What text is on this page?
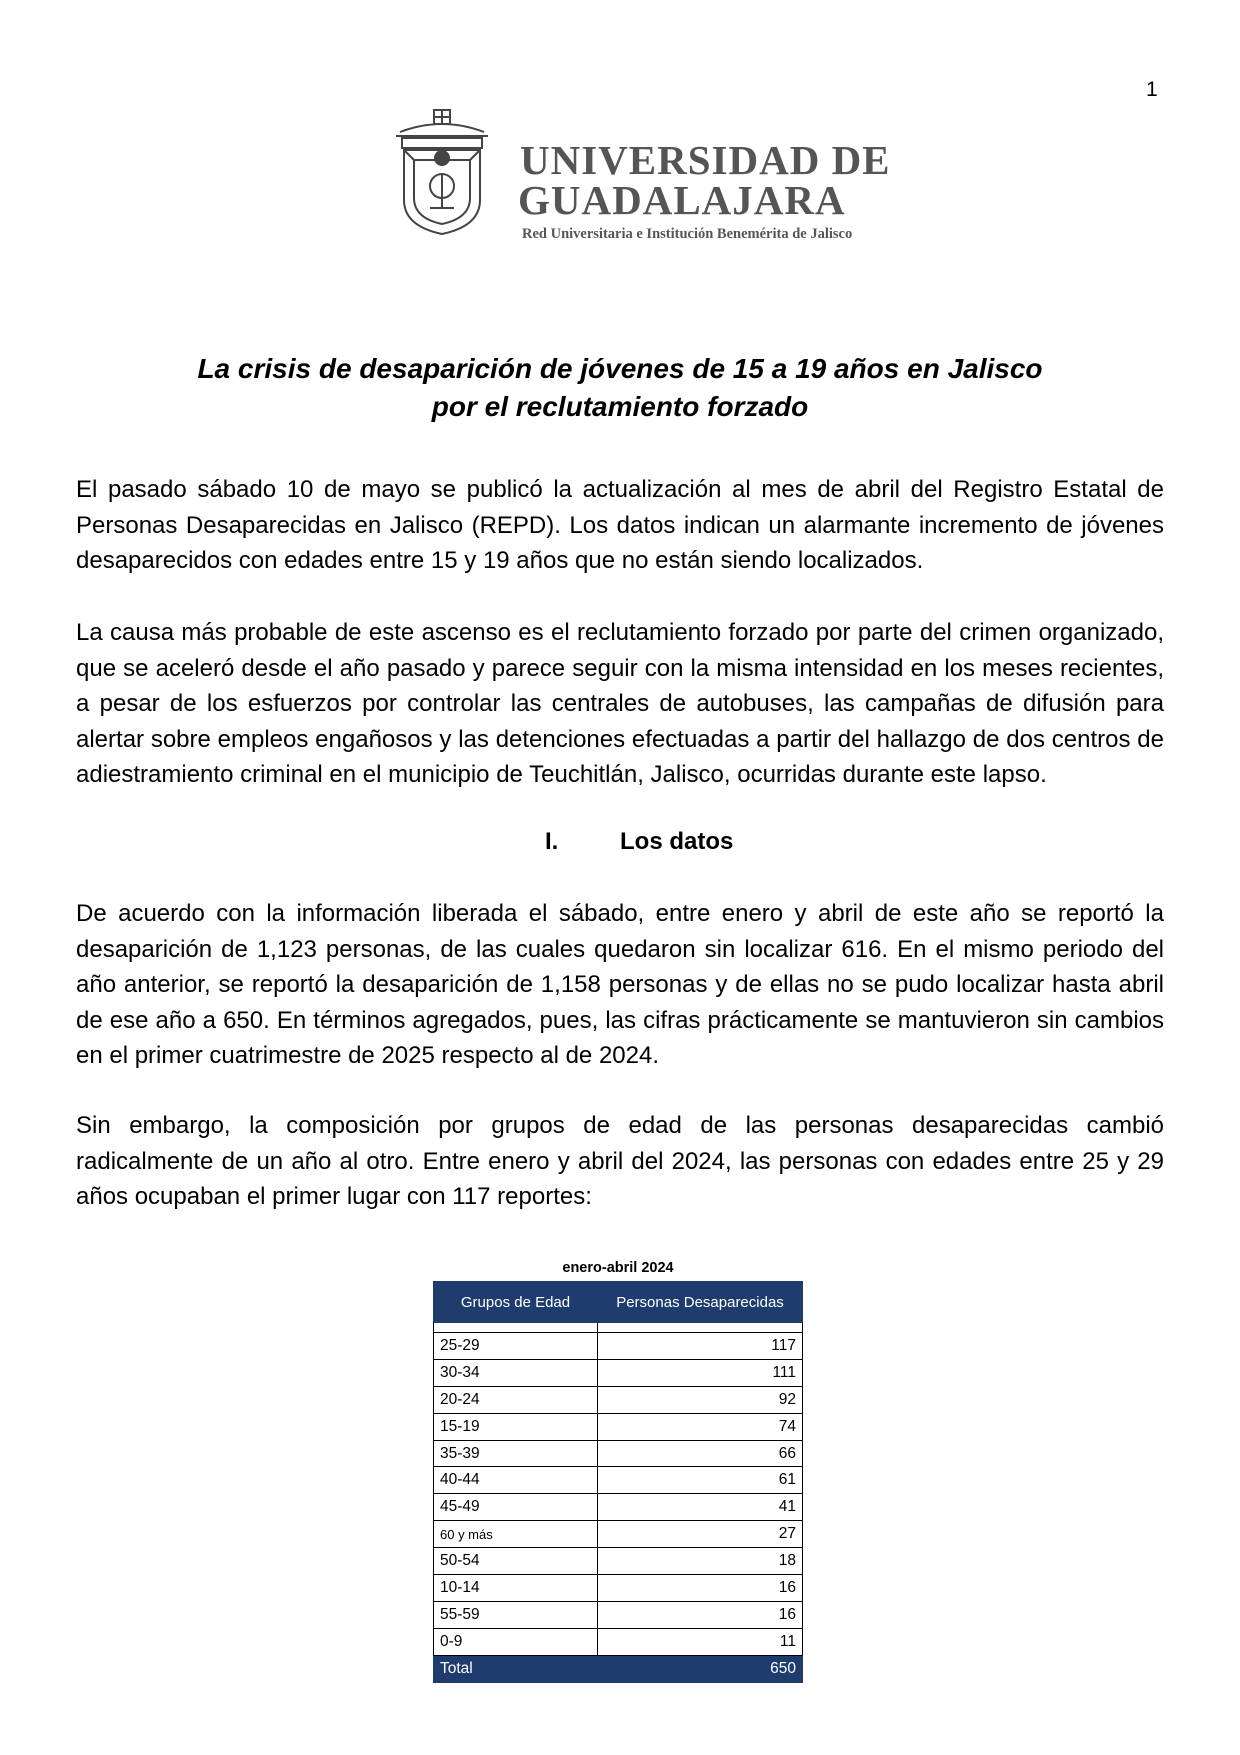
1
UNIVERSIDAD DE
GUADALAJARA
Red Universitaria e Institución Benemérita de Jalisco
La crisis de desaparición de jóvenes de 15 a 19 años en Jalisco
por el reclutamiento forzado
El pasado sábado 10 de mayo se publicó la actualización al mes de abril del Registro Estatal de Personas Desaparecidas en Jalisco (REPD). Los datos indican un alarmante incremento de jóvenes desaparecidos con edades entre 15 y 19 años que no están siendo localizados.
La causa más probable de este ascenso es el reclutamiento forzado por parte del crimen organizado, que se aceleró desde el año pasado y parece seguir con la misma intensidad en los meses recientes, a pesar de los esfuerzos por controlar las centrales de autobuses, las campañas de difusión para alertar sobre empleos engañosos y las detenciones efectuadas a partir del hallazgo de dos centros de adiestramiento criminal en el municipio de Teuchitlán, Jalisco, ocurridas durante este lapso.
I.	Los datos
De acuerdo con la información liberada el sábado, entre enero y abril de este año se reportó la desaparición de 1,123 personas, de las cuales quedaron sin localizar 616. En el mismo periodo del año anterior, se reportó la desaparición de 1,158 personas y de ellas no se pudo localizar hasta abril de ese año a 650. En términos agregados, pues, las cifras prácticamente se mantuvieron sin cambios en el primer cuatrimestre de 2025 respecto al de 2024.
Sin embargo, la composición por grupos de edad de las personas desaparecidas cambió radicalmente de un año al otro. Entre enero y abril del 2024, las personas con edades entre 25 y 29 años ocupaban el primer lugar con 117 reportes:
enero-abril 2024
Grupos de Edad	Personas Desaparecidas

25-29	117
30-34	111
20-24	92
15-19	74
35-39	66
40-44	61
45-49	41
60 y más	27
50-54	18
10-14	16
55-59	16
0-9	11
Total	650
